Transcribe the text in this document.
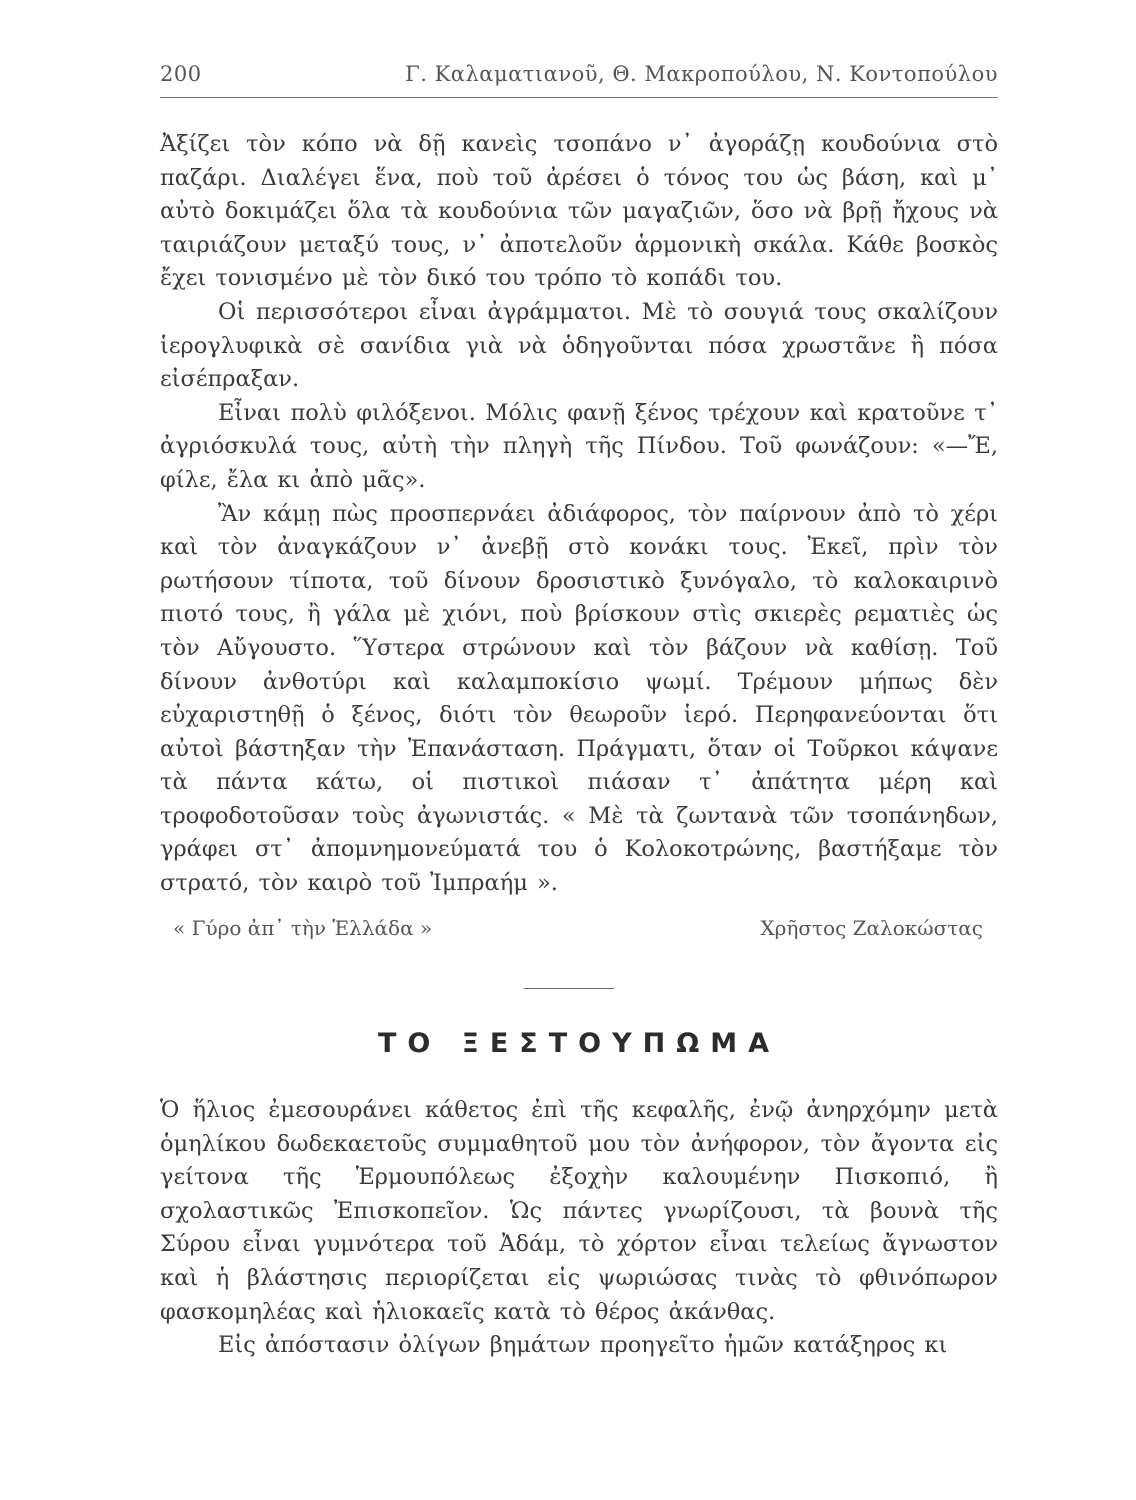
200	Γ. Καλαματιανοῦ, Θ. Μακροπούλου, Ν. Κοντοπούλου

Ἀξίζει τὸν κόπο νὰ δῇ κανεὶς τσοπάνο ν᾽ ἀγοράζῃ κουδούνια στὸ παζάρι. Διαλέγει ἕνα, ποὺ τοῦ ἀρέσει ὁ τόνος του ὡς βάση, καὶ μ᾽ αὐτὸ δοκιμάζει ὅλα τὰ κουδούνια τῶν μαγαζιῶν, ὅσο νὰ βρῇ ἤχους νὰ ταιριάζουν μεταξύ τους, ν᾽ ἀποτελοῦν ἁρμονικὴ σκάλα. Κάθε βοσκὸς ἔχει τονισμένο μὲ τὸν δικό του τρόπο τὸ κοπάδι του.

Οἱ περισσότεροι εἶναι ἀγράμματοι. Μὲ τὸ σουγιά τους σκαλίζουν ἱερογλυφικὰ σὲ σανίδια γιὰ νὰ ὁδηγοῦνται πόσα χρωστᾶνε ἢ πόσα εἰσέπραξαν.

Εἶναι πολὺ φιλόξενοι. Μόλις φανῇ ξένος τρέχουν καὶ κρατοῦνε τ᾽ ἀγριόσκυλά τους, αὐτὴ τὴν πληγὴ τῆς Πίνδου. Τοῦ φωνάζουν: «—Ἔ, φίλε, ἔλα κι ἀπὸ μᾶς».

Ἂν κάμῃ πὼς προσπερνάει ἀδιάφορος, τὸν παίρνουν ἀπὸ τὸ χέρι καὶ τὸν ἀναγκάζουν ν᾽ ἀνεβῇ στὸ κονάκι τους. Ἐκεῖ, πρὶν τὸν ρωτήσουν τίποτα, τοῦ δίνουν δροσιστικὸ ξυνόγαλο, τὸ καλοκαιρινὸ πιοτό τους, ἢ γάλα μὲ χιόνι, ποὺ βρίσκουν στὶς σκιερὲς ρεματιὲς ὡς τὸν Αὔγουστο. Ὕστερα στρώνουν καὶ τὸν βάζουν νὰ καθίσῃ. Τοῦ δίνουν ἀνθοτύρι καὶ καλαμποκίσιο ψωμί. Τρέμουν μήπως δὲν εὐχαριστηθῇ ὁ ξένος, διότι τὸν θεωροῦν ἱερό. Περηφανεύονται ὅτι αὐτοὶ βάστηξαν τὴν Ἐπανάσταση. Πράγματι, ὅταν οἱ Τοῦρκοι κάψανε τὰ πάντα κάτω, οἱ πιστικοὶ πιάσαν τ᾽ ἀπάτητα μέρη καὶ τροφοδοτοῦσαν τοὺς ἀγωνιστάς. « Μὲ τὰ ζωντανὰ τῶν τσοπάνηδων, γράφει στ᾽ ἀπομνημονεύματά του ὁ Κολοκοτρώνης, βαστήξαμε τὸν στρατό, τὸν καιρὸ τοῦ Ἰμπραήμ ».

« Γύρο ἀπ᾽ τὴν Ἑλλάδα »	Χρῆστος Ζαλοκώστας
ΤΟ ΞΕΣΤΟΥΠΩΜΑ

Ὁ ἥλιος ἐμεσουράνει κάθετος ἐπὶ τῆς κεφαλῆς, ἐνῷ ἀνηρχόμην μετὰ ὁμηλίκου δωδεκαετοῦς συμμαθητοῦ μου τὸν ἀνήφορον, τὸν ἄγοντα εἰς γείτονα τῆς Ἑρμουπόλεως ἐξοχὴν καλουμένην Πισκοπιό, ἢ σχολαστικῶς Ἐπισκοπεῖον. Ὡς πάντες γνωρίζουσι, τὰ βουνὰ τῆς Σύρου εἶναι γυμνότερα τοῦ Ἀδάμ, τὸ χόρτον εἶναι τελείως ἄγνωστον καὶ ἡ βλάστησις περιορίζεται εἰς ψωριώσας τινὰς τὸ φθινόπωρον φασκομηλέας καὶ ἡλιοκαεῖς κατὰ τὸ θέρος ἀκάνθας.

Εἰς ἀπόστασιν ὀλίγων βημάτων προηγεῖτο ἡμῶν κατάξηρος κι
